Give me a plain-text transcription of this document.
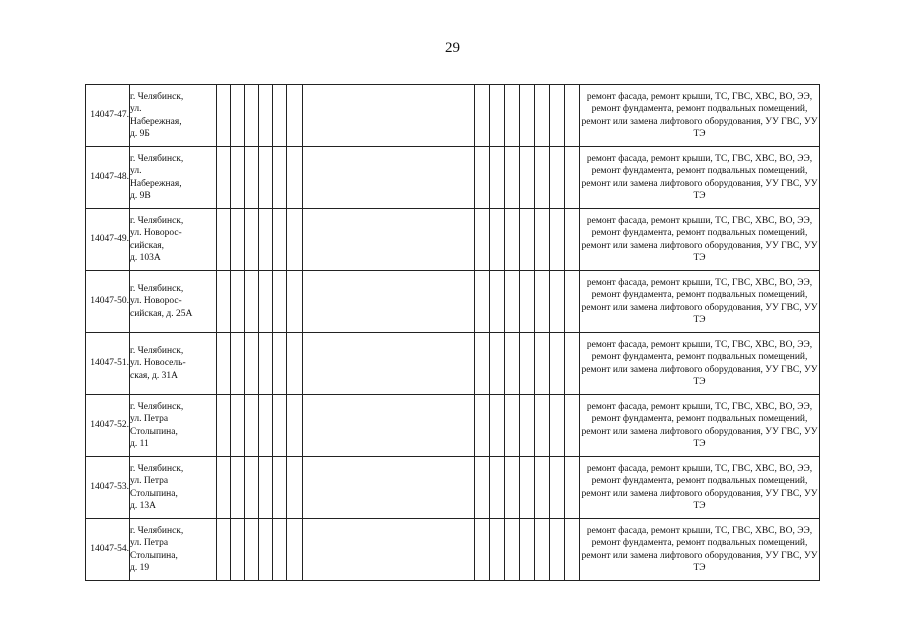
29
14047-47.	г. Челябинск,
ул.
Набережная,
д. 9Б															ремонт фасада, ремонт крыши, ТС, ГВС, ХВС, ВО, ЭЭ, ремонт фундамента, ремонт подвальных помещений, ремонт или замена лифтового оборудования, УУ ГВС, УУ ТЭ
14047-48.	г. Челябинск,
ул.
Набережная,
д. 9В															ремонт фасада, ремонт крыши, ТС, ГВС, ХВС, ВО, ЭЭ, ремонт фундамента, ремонт подвальных помещений, ремонт или замена лифтового оборудования, УУ ГВС, УУ ТЭ
14047-49.	г. Челябинск,
ул. Новорос-
сийская,
д. 103А															ремонт фасада, ремонт крыши, ТС, ГВС, ХВС, ВО, ЭЭ, ремонт фундамента, ремонт подвальных помещений, ремонт или замена лифтового оборудования, УУ ГВС, УУ ТЭ
14047-50.	г. Челябинск,
ул. Новорос-
сийская, д. 25А															ремонт фасада, ремонт крыши, ТС, ГВС, ХВС, ВО, ЭЭ, ремонт фундамента, ремонт подвальных помещений, ремонт или замена лифтового оборудования, УУ ГВС, УУ ТЭ
14047-51.	г. Челябинск,
ул. Новосель-
ская, д. 31А															ремонт фасада, ремонт крыши, ТС, ГВС, ХВС, ВО, ЭЭ, ремонт фундамента, ремонт подвальных помещений, ремонт или замена лифтового оборудования, УУ ГВС, УУ ТЭ
14047-52.	г. Челябинск,
ул. Петра
Столыпина,
д. 11															ремонт фасада, ремонт крыши, ТС, ГВС, ХВС, ВО, ЭЭ, ремонт фундамента, ремонт подвальных помещений, ремонт или замена лифтового оборудования, УУ ГВС, УУ ТЭ
14047-53.	г. Челябинск,
ул. Петра
Столыпина,
д. 13А															ремонт фасада, ремонт крыши, ТС, ГВС, ХВС, ВО, ЭЭ, ремонт фундамента, ремонт подвальных помещений, ремонт или замена лифтового оборудования, УУ ГВС, УУ ТЭ
14047-54.	г. Челябинск,
ул. Петра
Столыпина,
д. 19															ремонт фасада, ремонт крыши, ТС, ГВС, ХВС, ВО, ЭЭ, ремонт фундамента, ремонт подвальных помещений, ремонт или замена лифтового оборудования, УУ ГВС, УУ ТЭ
